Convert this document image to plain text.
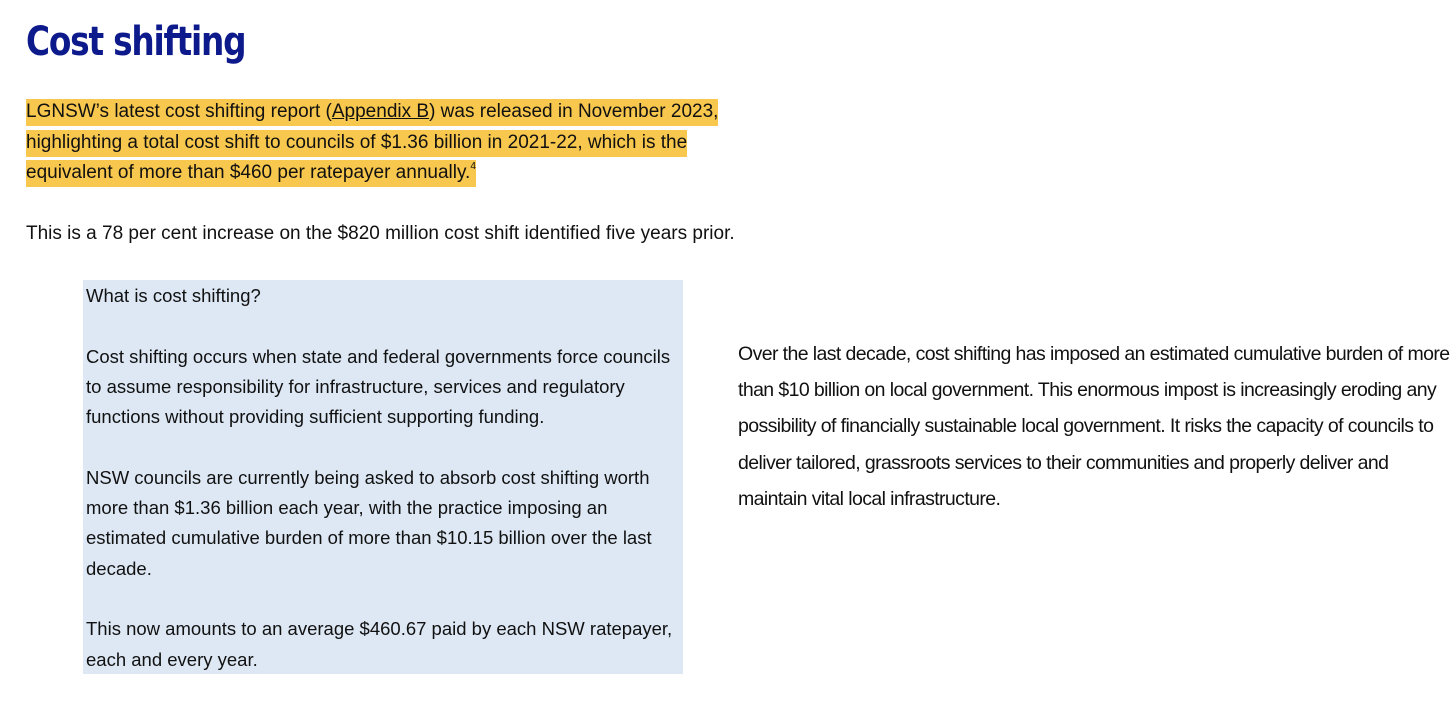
Cost shifting

LGNSW’s latest cost shifting report (Appendix B) was released in November 2023, highlighting a total cost shift to councils of $1.36 billion in 2021-22, which is the equivalent of more than $460 per ratepayer annually.$^4$

This is a 78 per cent increase on the $820 million cost shift identified five years prior.

What is cost shifting?

Cost shifting occurs when state and federal governments force councils to assume responsibility for infrastructure, services and regulatory functions without providing sufficient supporting funding.

NSW councils are currently being asked to absorb cost shifting worth more than $1.36 billion each year, with the practice imposing an estimated cumulative burden of more than $10.15 billion over the last decade.

This now amounts to an average $460.67 paid by each NSW ratepayer, each and every year.

Over the last decade, cost shifting has imposed an estimated cumulative burden of more than $10 billion on local government. This enormous impost is increasingly eroding any possibility of financially sustainable local government. It risks the capacity of councils to deliver tailored, grassroots services to their communities and properly deliver and maintain vital local infrastructure.
